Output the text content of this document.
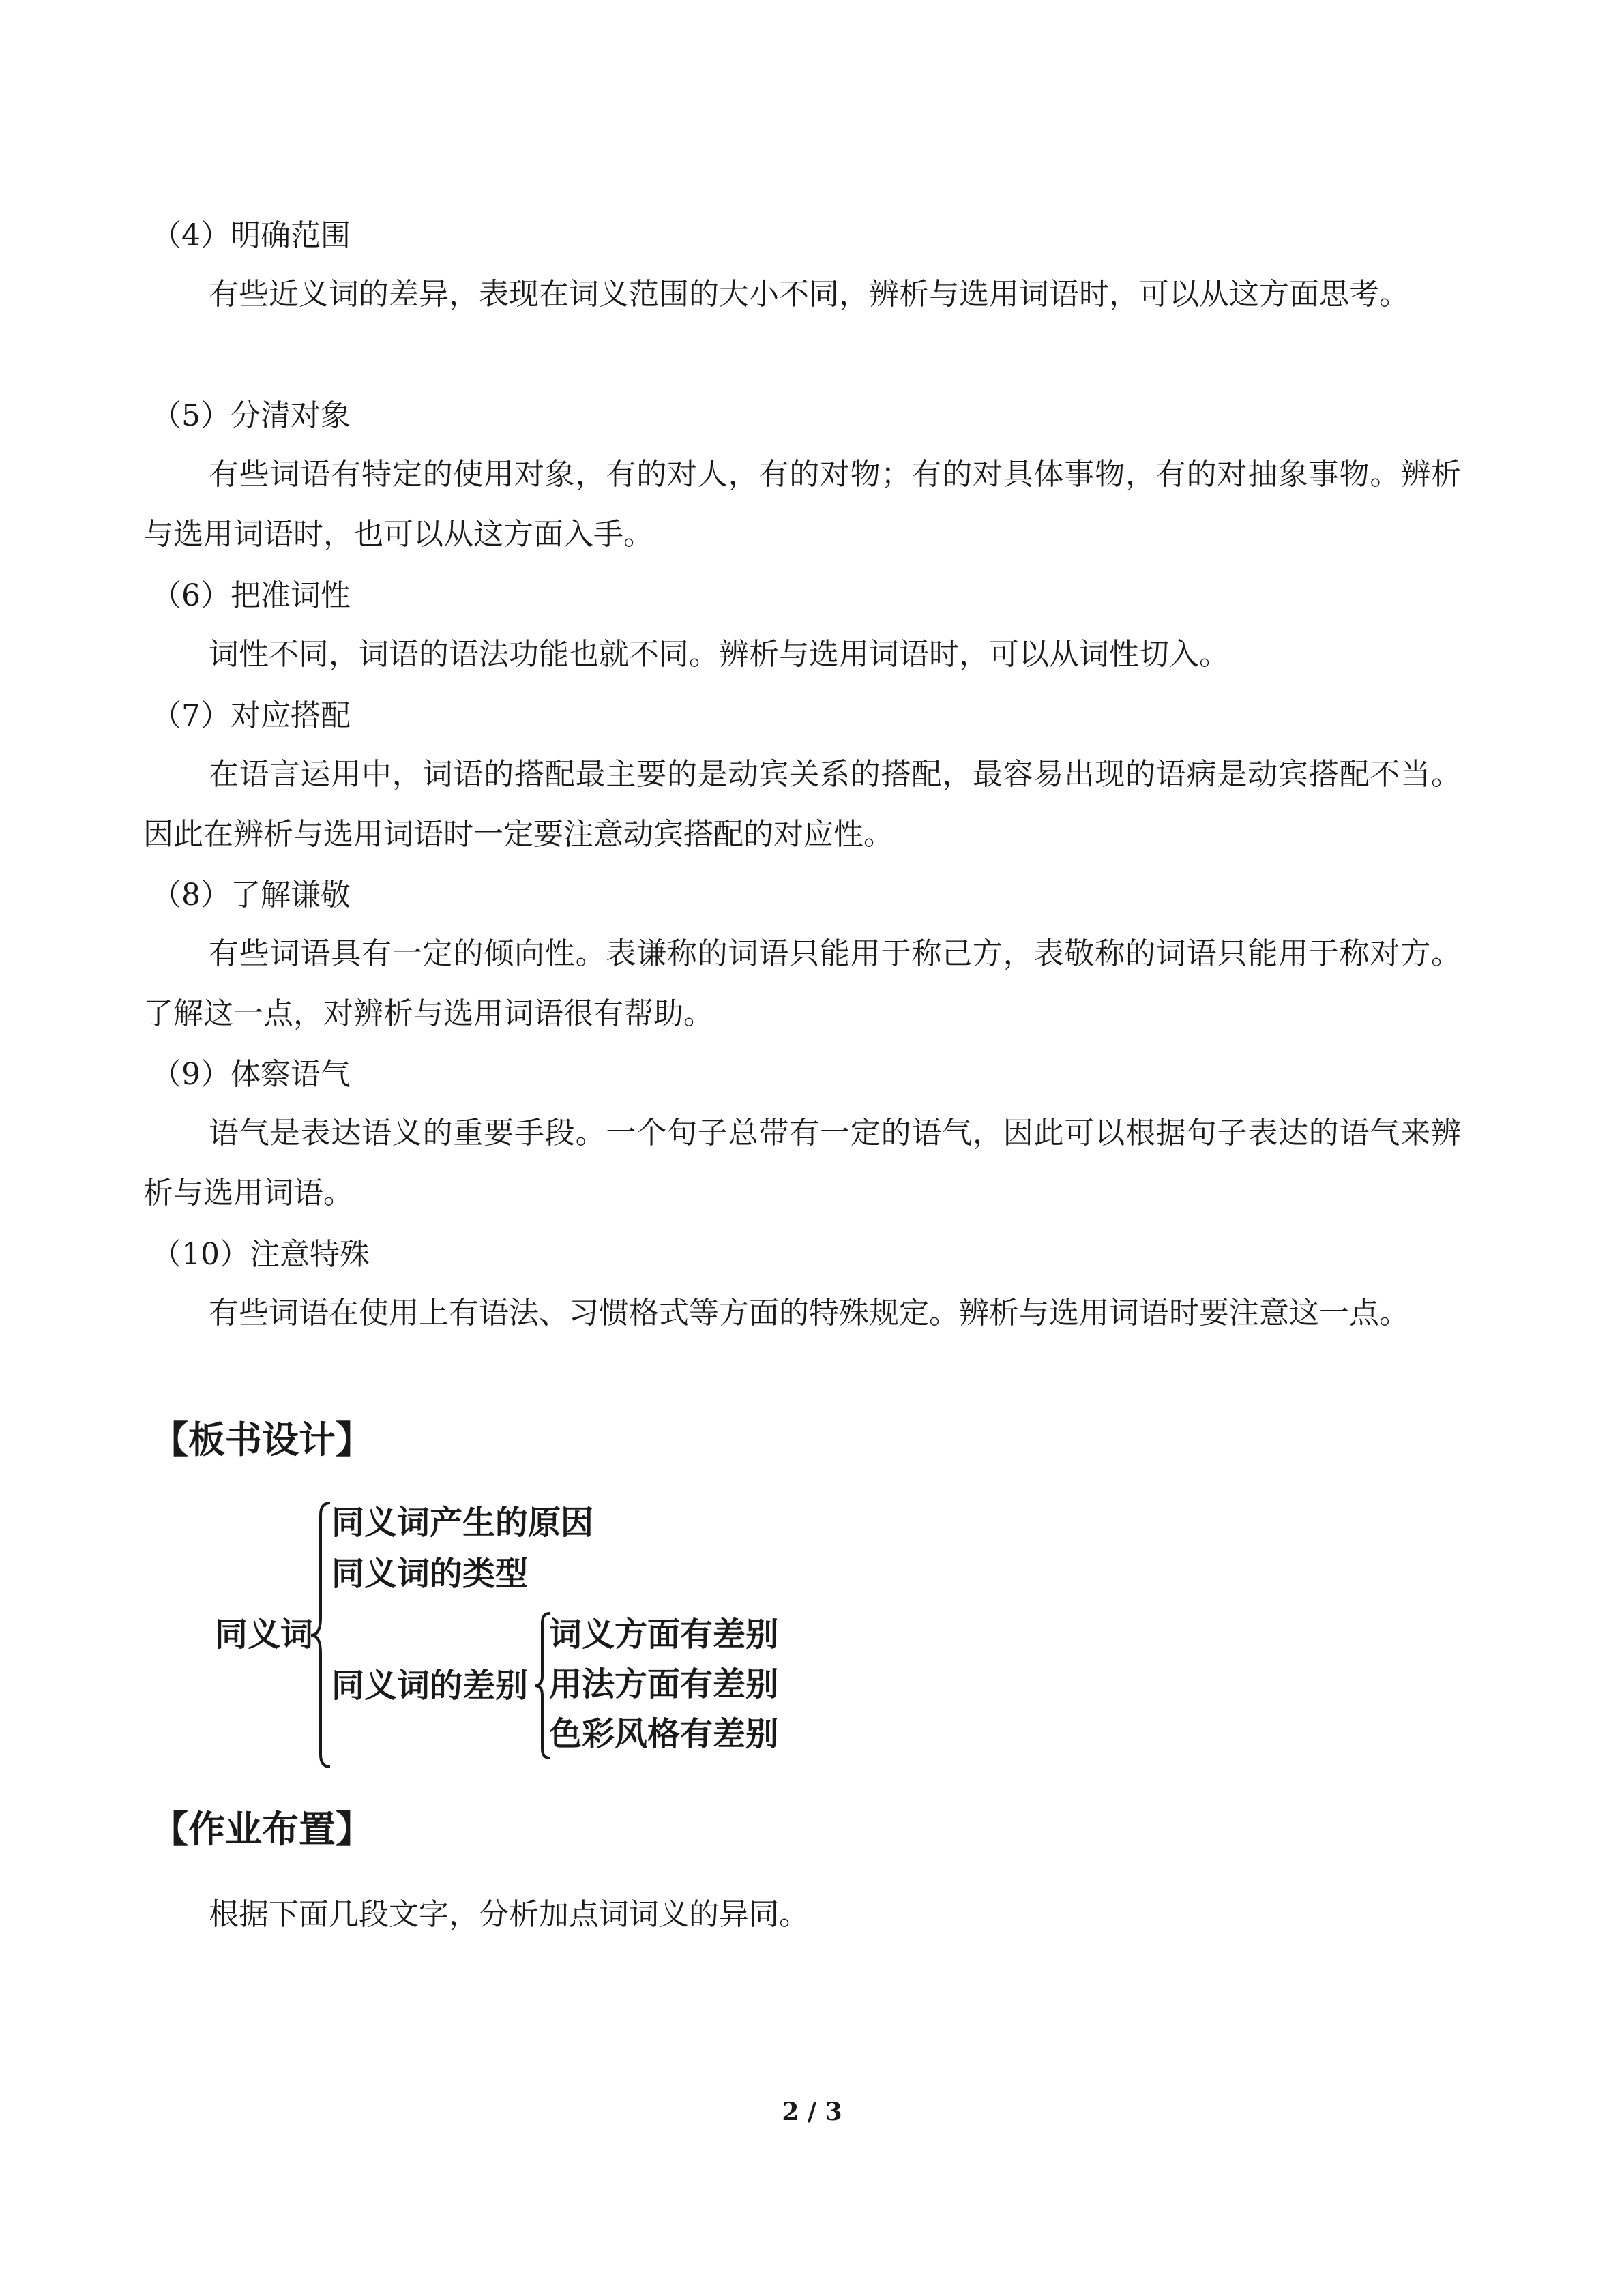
（4）明确范围

有些近义词的差异，表现在词义范围的大小不同，辨析与选用词语时，可以从这方面思考。

（5）分清对象

有些词语有特定的使用对象，有的对人，有的对物；有的对具体事物，有的对抽象事物。辨析与选用词语时，也可以从这方面入手。

（6）把准词性

词性不同，词语的语法功能也就不同。辨析与选用词语时，可以从词性切入。

（7）对应搭配

在语言运用中，词语的搭配最主要的是动宾关系的搭配，最容易出现的语病是动宾搭配不当。因此在辨析与选用词语时一定要注意动宾搭配的对应性。

（8）了解谦敬

有些词语具有一定的倾向性。表谦称的词语只能用于称己方，表敬称的词语只能用于称对方。了解这一点，对辨析与选用词语很有帮助。

（9）体察语气

语气是表达语义的重要手段。一个句子总带有一定的语气，因此可以根据句子表达的语气来辨析与选用词语。

（10）注意特殊

有些词语在使用上有语法、习惯格式等方面的特殊规定。辨析与选用词语时要注意这一点。

【板书设计】
同义词
同义词产生的原因
同义词的类型
同义词的差别
词义方面有差别
用法方面有差别
色彩风格有差别
【作业布置】

根据下面几段文字，分析加点词词义的异同。

2 / 3
